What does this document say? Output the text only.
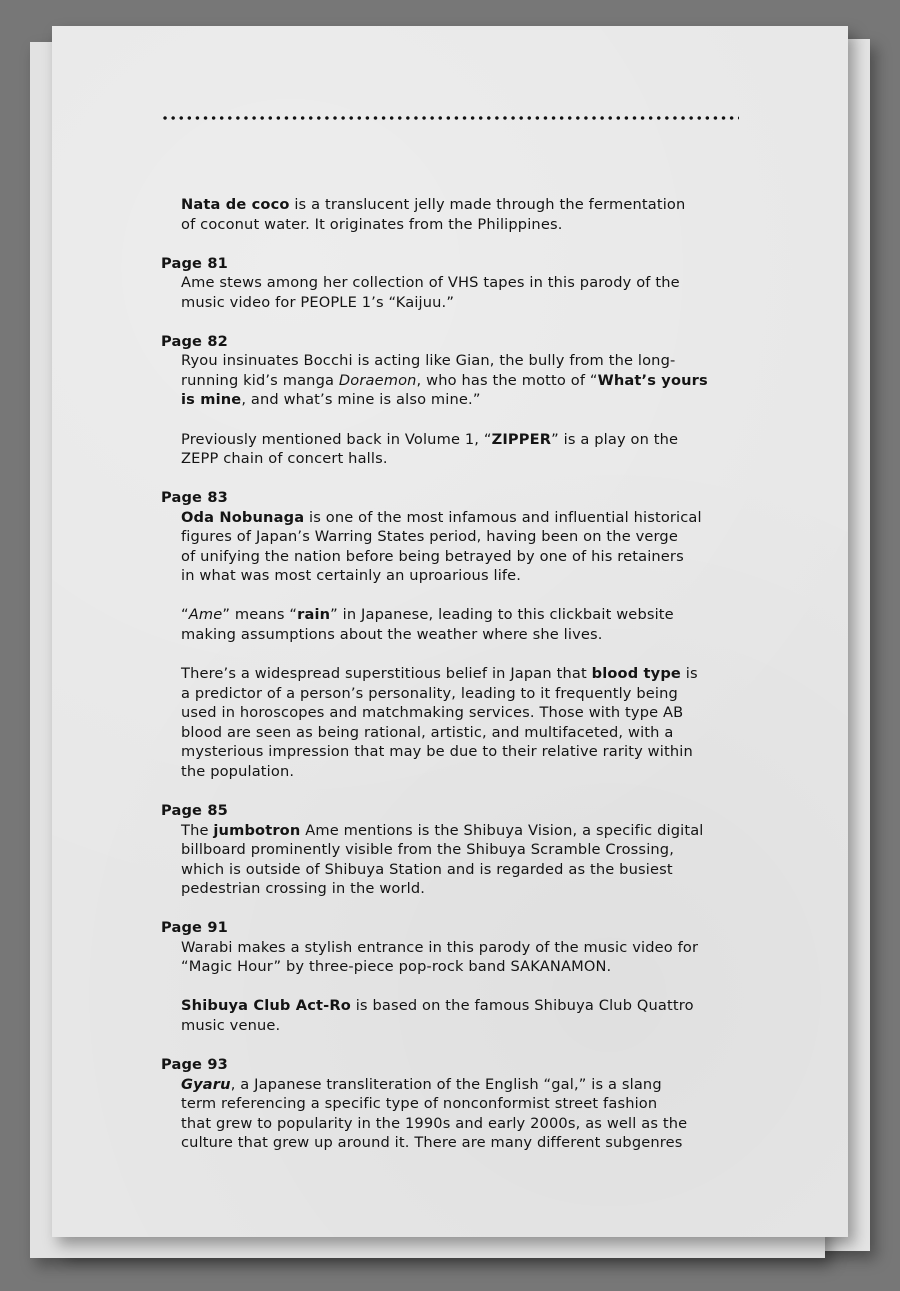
Nata de coco is a translucent jelly made through the fermentation
of coconut water. It originates from the Philippines.
Page 81
Ame stews among her collection of VHS tapes in this parody of the
music video for PEOPLE 1’s “Kaijuu.”
Page 82
Ryou insinuates Bocchi is acting like Gian, the bully from the long-
running kid’s manga Doraemon, who has the motto of “What’s yours
is mine, and what’s mine is also mine.”
Previously mentioned back in Volume 1, “ZIPPER” is a play on the
ZEPP chain of concert halls.
Page 83
Oda Nobunaga is one of the most infamous and influential historical
figures of Japan’s Warring States period, having been on the verge
of unifying the nation before being betrayed by one of his retainers
in what was most certainly an uproarious life.
“Ame” means “rain” in Japanese, leading to this clickbait website
making assumptions about the weather where she lives.
There’s a widespread superstitious belief in Japan that blood type is
a predictor of a person’s personality, leading to it frequently being
used in horoscopes and matchmaking services. Those with type AB
blood are seen as being rational, artistic, and multifaceted, with a
mysterious impression that may be due to their relative rarity within
the population.
Page 85
The jumbotron Ame mentions is the Shibuya Vision, a specific digital
billboard prominently visible from the Shibuya Scramble Crossing,
which is outside of Shibuya Station and is regarded as the busiest
pedestrian crossing in the world.
Page 91
Warabi makes a stylish entrance in this parody of the music video for
“Magic Hour” by three-piece pop-rock band SAKANAMON.
Shibuya Club Act-Ro is based on the famous Shibuya Club Quattro
music venue.
Page 93
Gyaru, a Japanese transliteration of the English “gal,” is a slang
term referencing a specific type of nonconformist street fashion
that grew to popularity in the 1990s and early 2000s, as well as the
culture that grew up around it. There are many different subgenres
